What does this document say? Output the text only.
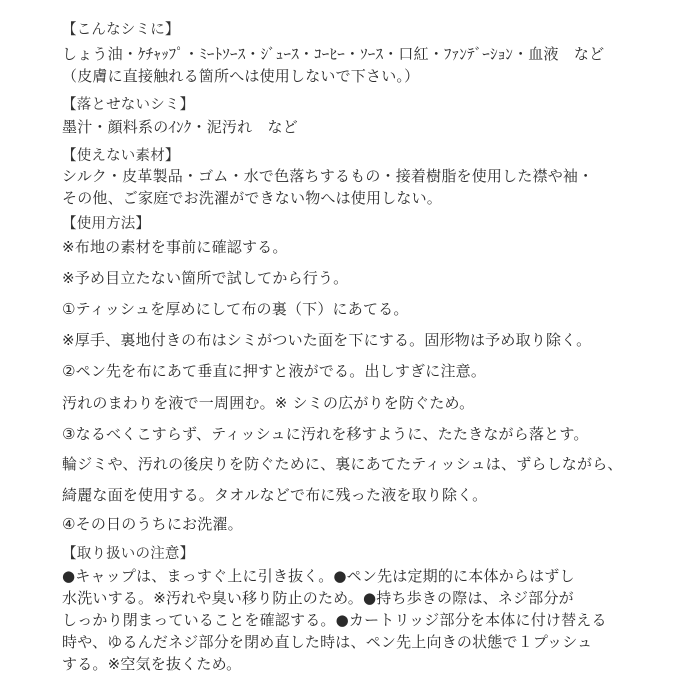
【こんなシミに】
しょう油・ｹﾁｬｯﾌﾟ・ﾐｰﾄｿｰｽ・ｼﾞｭｰｽ・ｺｰﾋｰ・ｿｰｽ・口紅・ﾌｧﾝﾃﾞｰｼｮﾝ・血液　など
（皮膚に直接触れる箇所へは使用しないで下さい。）
【落とせないシミ】
墨汁・顔料系のｲﾝｸ・泥汚れ　など
【使えない素材】
シルク・皮革製品・ゴム・水で色落ちするもの・接着樹脂を使用した襟や袖・
その他、ご家庭でお洗濯ができない物へは使用しない。
【使用方法】
※布地の素材を事前に確認する。
※予め目立たない箇所で試してから行う。
①ティッシュを厚めにして布の裏（下）にあてる。
※厚手、裏地付きの布はシミがついた面を下にする。固形物は予め取り除く。
②ペン先を布にあて垂直に押すと液がでる。出しすぎに注意。
汚れのまわりを液で一周囲む。※ シミの広がりを防ぐため。
③なるべくこすらず、ティッシュに汚れを移すように、たたきながら落とす。
輪ジミや、汚れの後戻りを防ぐために、裏にあてたティッシュは、ずらしながら、
綺麗な面を使用する。タオルなどで布に残った液を取り除く。
④その日のうちにお洗濯。
【取り扱いの注意】
●キャップは、まっすぐ上に引き抜く。●ペン先は定期的に本体からはずし
水洗いする。※汚れや臭い移り防止のため。●持ち歩きの際は、ネジ部分が
しっかり閉まっていることを確認する。●カートリッジ部分を本体に付け替える
時や、ゆるんだネジ部分を閉め直した時は、ペン先上向きの状態で１プッシュ
する。※空気を抜くため。
